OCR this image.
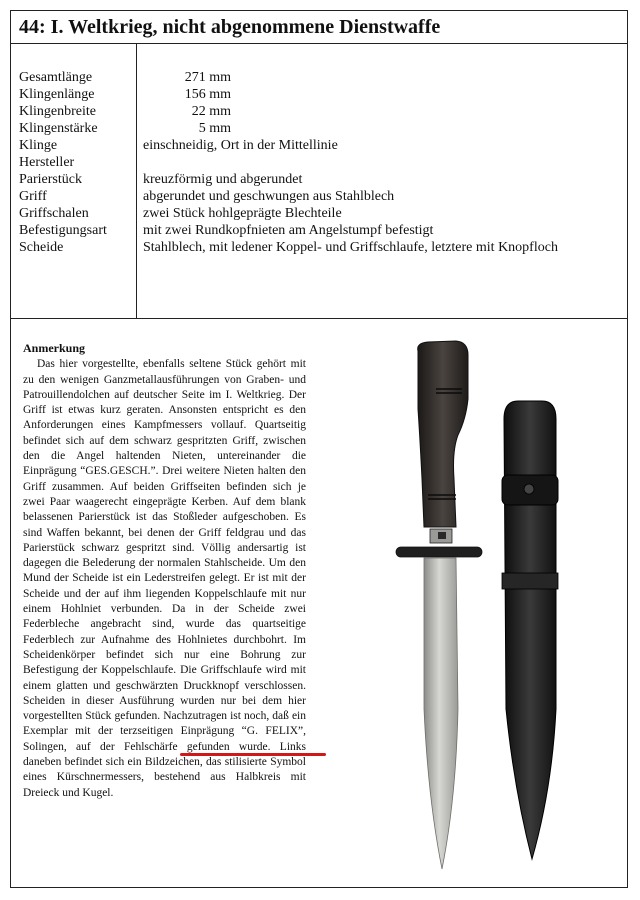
44: I. Weltkrieg, nicht abgenommene Dienstwaffe
Gesamtlänge	271 mm
Klingenlänge	156 mm
Klingenbreite	22 mm
Klingenstärke	5 mm
Klinge	einschneidig, Ort in der Mittellinie
Hersteller
Parierstück	kreuzförmig und abgerundet
Griff	abgerundet und geschwungen aus Stahlblech
Griffschalen	zwei Stück hohlgeprägte Blechteile
Befestigungsart	mit zwei Rundkopfnieten am Angelstumpf befestigt
Scheide	Stahlblech, mit ledener Koppel- und Griffschlaufe, letztere mit Knopfloch
Anmerkung
Das hier vorgestellte, ebenfalls seltene Stück gehört mit zu den wenigen Ganzmetallausführungen von Graben- und Patrouillendolchen auf deutscher Seite im I. Weltkrieg. Der Griff ist etwas kurz geraten. Ansonsten entspricht es den Anforderungen eines Kampfmessers vollauf. Quartseitig befindet sich auf dem schwarz gespritzten Griff, zwischen den die Angel haltenden Nieten, untereinander die Einprägung “GES.GESCH.”. Drei weitere Nieten halten den Griff zusammen. Auf beiden Griffseiten befinden sich je zwei Paar waagerecht eingeprägte Kerben. Auf dem blank belassenen Parierstück ist das Stoßleder aufgeschoben. Es sind Waffen bekannt, bei denen der Griff feldgrau und das Parierstück schwarz gespritzt sind. Völlig andersartig ist dagegen die Belederung der normalen Stahlscheide. Um den Mund der Scheide ist ein Lederstreifen gelegt. Er ist mit der Scheide und der auf ihm liegenden Koppelschlaufe mit nur einem Hohlniet verbunden. Da in der Scheide zwei Federbleche angebracht sind, wurde das quartseitige Federblech zur Aufnahme des Hohlnietes durchbohrt. Im Scheidenkörper befindet sich nur eine Bohrung zur Befestigung der Koppelschlaufe. Die Griffschlaufe wird mit einem glatten und geschwärzten Druckknopf verschlossen. Scheiden in dieser Ausführung wurden nur bei dem hier vorgestellten Stück gefunden. Nachzutragen ist noch, daß ein Exemplar mit der terzseitigen Einprägung “G. FELIX”, Solingen, auf der Fehlschärfe gefunden wurde. Links daneben befindet sich ein Bildzeichen, das stilisierte Symbol eines Kürschnermessers, bestehend aus Halbkreis mit Dreieck und Kugel.
